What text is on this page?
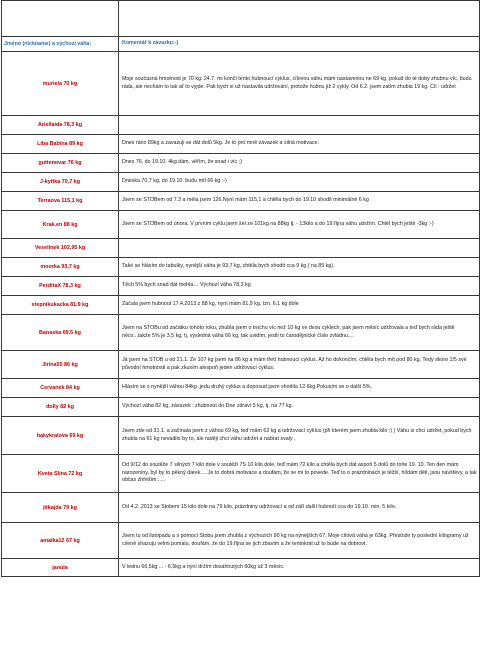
Jméno (nickname) a výchozí váha:	Komentář k závazku:-)
muriela 70 kg	Moje současná hmotnost je 70 kg. 24.7. mi končí tento hubnoucí cyklus, cílovou váhu mám nastavenou ne 69 kg, pokud do té doby zhubnu víc, budu ráda, ale nechám to tak ať to vyjde. Pak bych si už nastavila udržování, protože hubnu již 2 cykly. Od 6.2. jsem zatím zhubla 19 kg. Cíl : udržet
Ariellaida 78,3 kg	
Liba Babina 89 kg	Dnes ráno 89kg a zavazuji se dát dolů 5kg. Je to pro mně závazek a silná motivace.
guttenovar 76 kg	Dnes 76, do 19.10. 4kg dám, věřím, že snad i víc ;)
J-kyttka 70,7 kg	Dneska 70,7 kg, do 19.10. budu mít 66 kg :-)
Terraova 115,1 kg	Jsem se STOBem od 7.3 a měla jsem 126.Nyní mám 115,1 a chtěla bych do 19.10 shodit minimálně 6 kg
Krak.en 88 kg	Jsem se STOBem od února. V prvním cyklu jsem šel ze 101kg na 88kg tj. - 13kilo a do 19.října váhu udržím. Chtěl bych ještě -3kg ;-)
Veselinek 102,95 kg	
moorka 93,7 kg	Také se hlásím do tabulky, nynější váha je 93,7 kg, chtěla bych shodit cca 9 kg ( na 85 kg).
PerditaX 78,3 kg	Těch 5% bych snad dát mohla… Výchozí váha 78,3 kg
stepnikukacka 81,9 kg	Začala jsem hubnout 17.4.2013 z 88 kg, nyní mám 81,9 kg, tzn. 6,1 kg dole
Banaska 69,5 kg	Jsem na STOBu od začátku tohoto roku, zhubla jsem o trochu víc než 10 kg ve dvou cyklech, pak jsem měsíc udržovala a teď bych ráda ještě něco...takže 5% je 3,5 kg, tj. výsledná váha 66 kg, tak uvidím, jestli to čarodějnické číslo zvládnu....
Jirina55 86 kg	Já jsem na STOB u od 21.1. Ze 107 kg jsem na 86 kg a mám třetí hubnoucí cyklus. Až ho dokončím, chtěla bych mít pod 80 kg. Tedy skoro 1/5 své původní hmotnosti a pak zkusím alespoň jeden udržovací cyklus.
Cervanek 84 kg	Hlásím se s nynější váhou 84kg ,jedu druhý cyklus a doposud jsem shodila 12.6kg.Pokusím se o další 5%.
dolly 82 kg	Výchozí váha 82 kg, závazek : zhubnout do Dne zdraví 5 kg, tj. na 77 kg.
hakykralova 69 kg	Jsem zde od 31.1. a začínala jsem z váhou 69 kg, teď mám 63 kg a udržovací cyklus (při kterém jsem zhubla kilo :) ) Váhu si chci udržet, pokud bych zhubla na 61 kg nevadilo by to, ale raději chci váhu udržet a nabrat svaly .
Kveta Slina 72 kg	Od 9/12 do soutěže 7 silných 7 kilo dole v soutěži 7S 10 kilo dole, teď mám 72 kilo a chtěla bych dát aspoň 5 dolů do tohe 19. 10. Ten den mám narozeniny, byl by to pěkný dárek.....Je to dobrá motivace a doufám, že se mi to povede. Teď to o prázdninách je těžší, hlídám děti, jsou návštěvy, a tak občas zhřeším......
jitkajda 79 kg	Od 4.2. 2013 se Stobem 15 kilo dole na 79 kilo, prázdniny udržovací a od září další hubnutí cca do 19.10. min. 5 kilo.
amalka12 67 kg	Jsem tu od listopadu a s pomocí Stobu jsem zhubla z výchozích 90 kg na nynějších 67. Moje cílová váha je 63kg. Přestože ty poslední kilogramy už ciíeně shazuju velmi pomalu, doufám, že do 19.října se jich zbavím a že tentokrát už to bude na dobrovt.
janula	V lednu 66,5kg ... - 6,5kg a nyní držím dosáhnutých 60kg už 3 měsíc.
